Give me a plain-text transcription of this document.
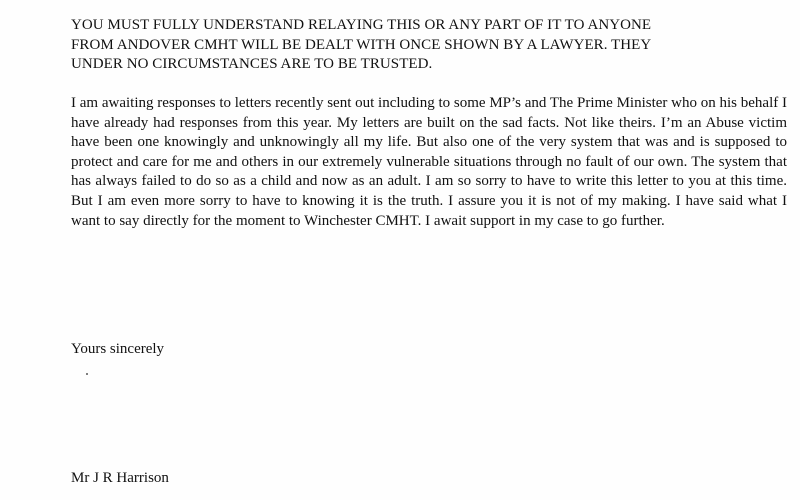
YOU MUST FULLY UNDERSTAND RELAYING THIS OR ANY PART OF IT TO ANYONE
FROM ANDOVER CMHT WILL BE DEALT WITH ONCE SHOWN BY A LAWYER. THEY
UNDER NO CIRCUMSTANCES ARE TO BE TRUSTED.

I am awaiting responses to letters recently sent out including to some MP’s and The Prime Minister who on his behalf I have already had responses from this year. My letters are built on the sad facts. Not like theirs. I’m an Abuse victim have been one knowingly and unknowingly all my life. But also one of the very system that was and is supposed to protect and care for me and others in our extremely vulnerable situations through no fault of our own. The system that has always failed to do so as a child and now as an adult. I am so sorry to have to write this letter to you at this time. But I am even more sorry to have to knowing it is the truth. I assure you it is not of my making. I have said what I want to say directly for the moment to Winchester CMHT. I await support in my case to go further.

Yours sincerely

Mr J R Harrison
